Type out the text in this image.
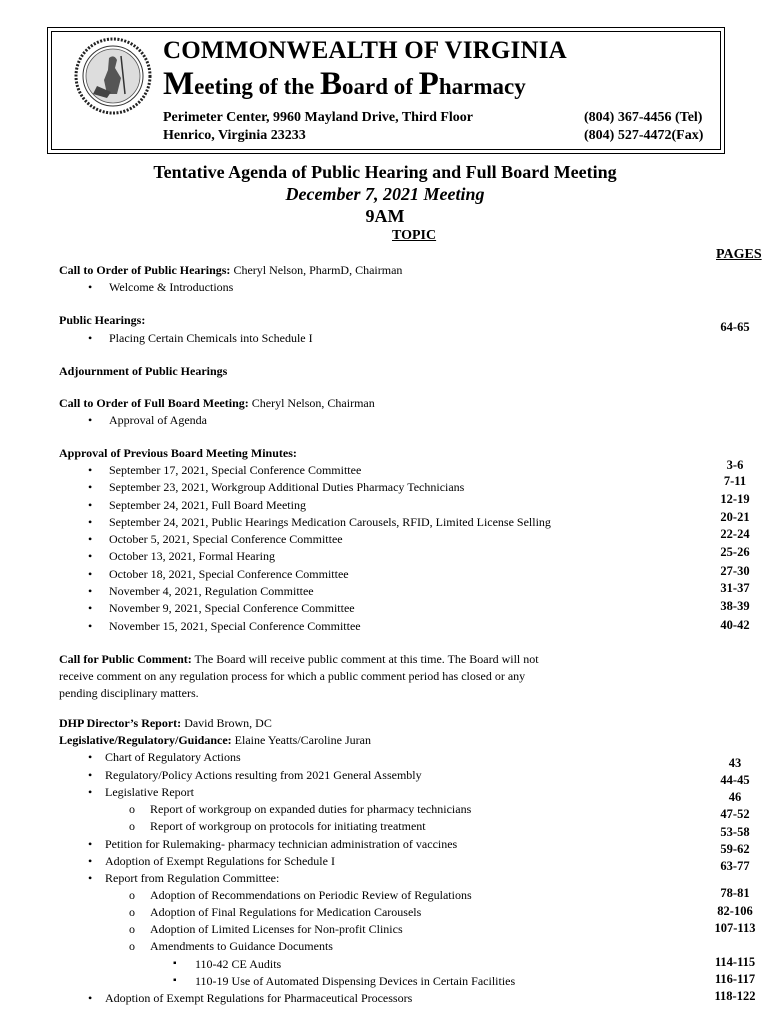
COMMONWEALTH OF VIRGINIA
Meeting of the Board of Pharmacy
Perimeter Center, 9960 Mayland Drive, Third Floor
Henrico, Virginia 23233
(804) 367-4456 (Tel)
(804) 527-4472(Fax)
Tentative Agenda of Public Hearing and Full Board Meeting
December 7, 2021 Meeting
9AM
TOPIC
PAGES
Call to Order of Public Hearings: Cheryl Nelson, PharmD, Chairman
• Welcome & Introductions
Public Hearings:
• Placing Certain Chemicals into Schedule I
64-65
Adjournment of Public Hearings
Call to Order of Full Board Meeting: Cheryl Nelson, Chairman
• Approval of Agenda
Approval of Previous Board Meeting Minutes:
• September 17, 2021, Special Conference Committee	3-6
• September 23, 2021, Workgroup Additional Duties Pharmacy Technicians	7-11
• September 24, 2021, Full Board Meeting	12-19
• September 24, 2021, Public Hearings Medication Carousels, RFID, Limited License Selling	20-21
• October 5, 2021, Special Conference Committee	22-24
• October 13, 2021, Formal Hearing	25-26
• October 18, 2021, Special Conference Committee	27-30
• November 4, 2021, Regulation Committee	31-37
• November 9, 2021, Special Conference Committee	38-39
• November 15, 2021, Special Conference Committee	40-42
Call for Public Comment: The Board will receive public comment at this time. The Board will not
receive comment on any regulation process for which a public comment period has closed or any
pending disciplinary matters.
DHP Director’s Report: David Brown, DC
Legislative/Regulatory/Guidance: Elaine Yeatts/Caroline Juran
• Chart of Regulatory Actions	43
• Regulatory/Policy Actions resulting from 2021 General Assembly	44-45
• Legislative Report	46
o Report of workgroup on expanded duties for pharmacy technicians	47-52
o Report of workgroup on protocols for initiating treatment	53-58
• Petition for Rulemaking- pharmacy technician administration of vaccines	59-62
• Adoption of Exempt Regulations for Schedule I	63-77
• Report from Regulation Committee:
o Adoption of Recommendations on Periodic Review of Regulations	78-81
o Adoption of Final Regulations for Medication Carousels	82-106
o Adoption of Limited Licenses for Non-profit Clinics	107-113
o Amendments to Guidance Documents
▪ 110-42 CE Audits	114-115
▪ 110-19 Use of Automated Dispensing Devices in Certain Facilities	116-117
• Adoption of Exempt Regulations for Pharmaceutical Processors	118-122
